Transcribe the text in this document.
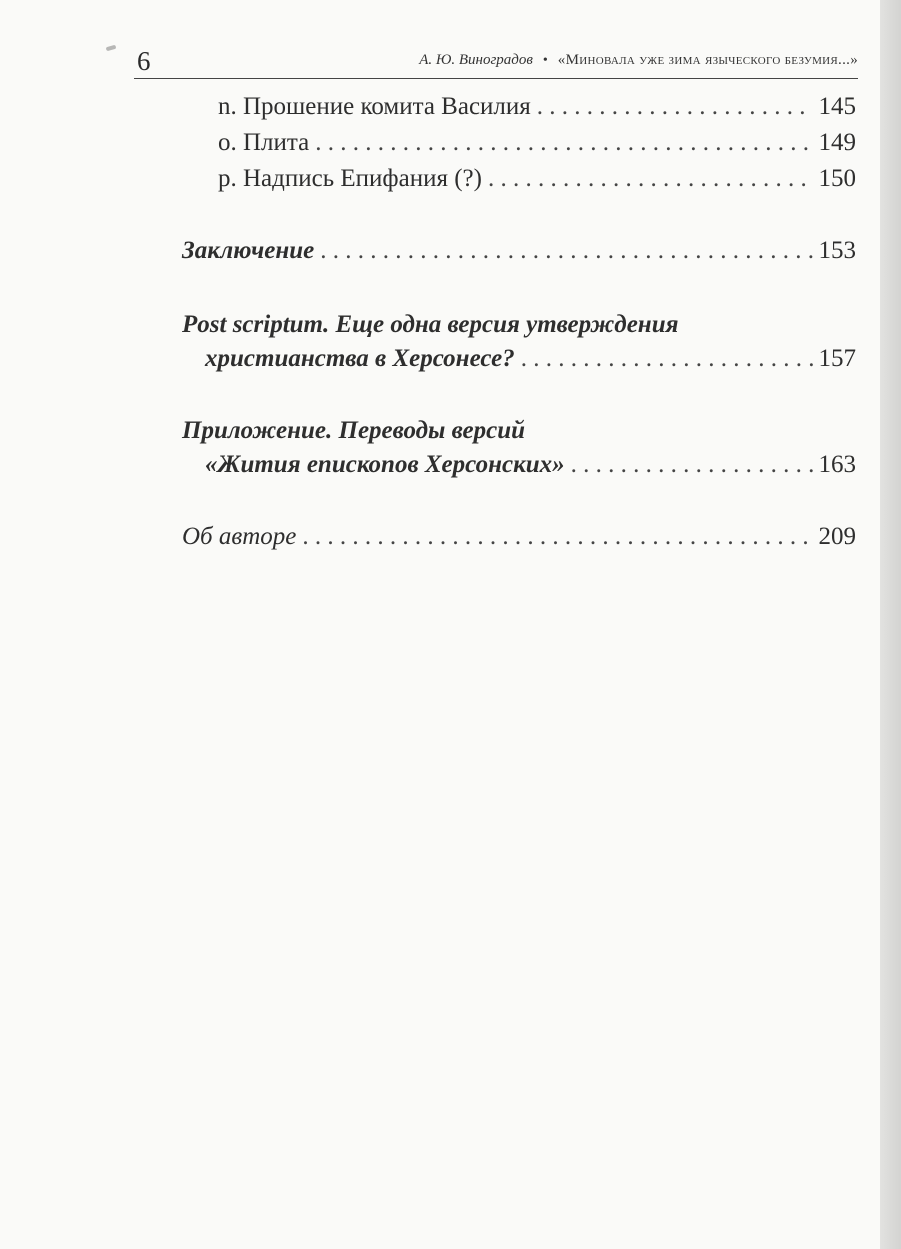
6	А. Ю. Виноградов • «Миновала уже зима языческого безумия...»
n. Прошение комита Василия . . .	145
o. Плита . . .	149
p. Надпись Епифания (?) . . .	150
Заключение . . .	153
Post scriptum. Еще одна версия утверждения
христианства в Херсонесе? . . .	157
Приложение. Переводы версий
«Жития епископов Херсонских» . . .	163
Об авторе . . .	209
